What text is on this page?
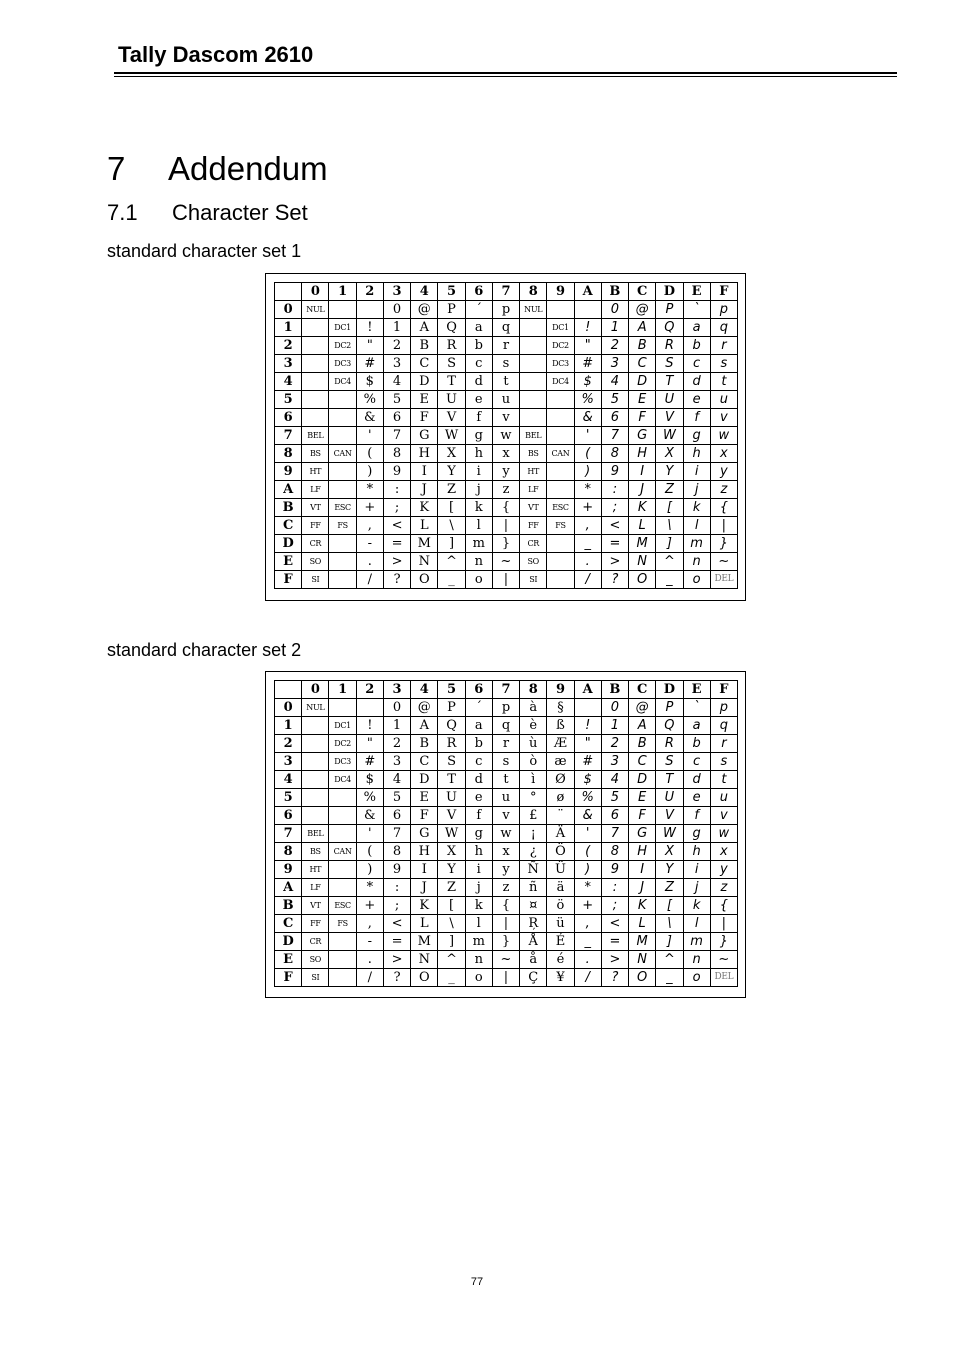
Tally Dascom 2610
7	Addendum
7.1	Character Set
standard character set 1
	0	1	2	3	4	5	6	7	8	9	A	B	C	D	E	F
0	NUL			0	@	P	´	p	NUL			0	@	P	`	p
1		DC1	!	1	A	Q	a	q		DC1	!	1	A	Q	a	q
2		DC2	"	2	B	R	b	r		DC2	"	2	B	R	b	r
3		DC3	#	3	C	S	c	s		DC3	#	3	C	S	c	s
4		DC4	$	4	D	T	d	t		DC4	$	4	D	T	d	t
5			%	5	E	U	e	u			%	5	E	U	e	u
6			&	6	F	V	f	v			&	6	F	V	f	v
7	BEL		'	7	G	W	g	w	BEL		'	7	G	W	g	w
8	BS	CAN	(	8	H	X	h	x	BS	CAN	(	8	H	X	h	x
9	HT		)	9	I	Y	i	y	HT		)	9	I	Y	i	y
A	LF		*	:	J	Z	j	z	LF		*	:	J	Z	j	z
B	VT	ESC	+	;	K	[	k	{	VT	ESC	+	;	K	[	k	{
C	FF	FS	,	<	L	\	l	|	FF	FS	,	<	L	\	l	|
D	CR		-	=	M	]	m	}	CR		_	=	M	]	m	}
E	SO		.	>	N	^	n	~	SO		.	>	N	^	n	~
F	SI		/	?	O	_	o	|	SI		/	?	O	_	o	DEL
standard character set 2
	0	1	2	3	4	5	6	7	8	9	A	B	C	D	E	F
0	NUL			0	@	P	´	p	à	§		0	@	P	`	p
1		DC1	!	1	A	Q	a	q	è	ß	!	1	A	Q	a	q
2		DC2	"	2	B	R	b	r	ù	Æ	"	2	B	R	b	r
3		DC3	#	3	C	S	c	s	ò	æ	#	3	C	S	c	s
4		DC4	$	4	D	T	d	t	ì	Ø	$	4	D	T	d	t
5			%	5	E	U	e	u	°	ø	%	5	E	U	e	u
6			&	6	F	V	f	v	£	¨	&	6	F	V	f	v
7	BEL		'	7	G	W	g	w	¡	Ä	'	7	G	W	g	w
8	BS	CAN	(	8	H	X	h	x	¿	Ö	(	8	H	X	h	x
9	HT		)	9	I	Y	i	y	Ñ	Ü	)	9	I	Y	i	y
A	LF		*	:	J	Z	j	z	ñ	ä	*	:	J	Z	j	z
B	VT	ESC	+	;	K	[	k	{	¤	ö	+	;	K	[	k	{
C	FF	FS	,	<	L	\	l	|	Ŗ	ü	,	<	L	\	l	|
D	CR		-	=	M	]	m	}	Å	É	_	=	M	]	m	}
E	SO		.	>	N	^	n	~	å	é	.	>	N	^	n	~
F	SI		/	?	O	_	o	|	Ç	¥	/	?	O	_	o	DEL
77
